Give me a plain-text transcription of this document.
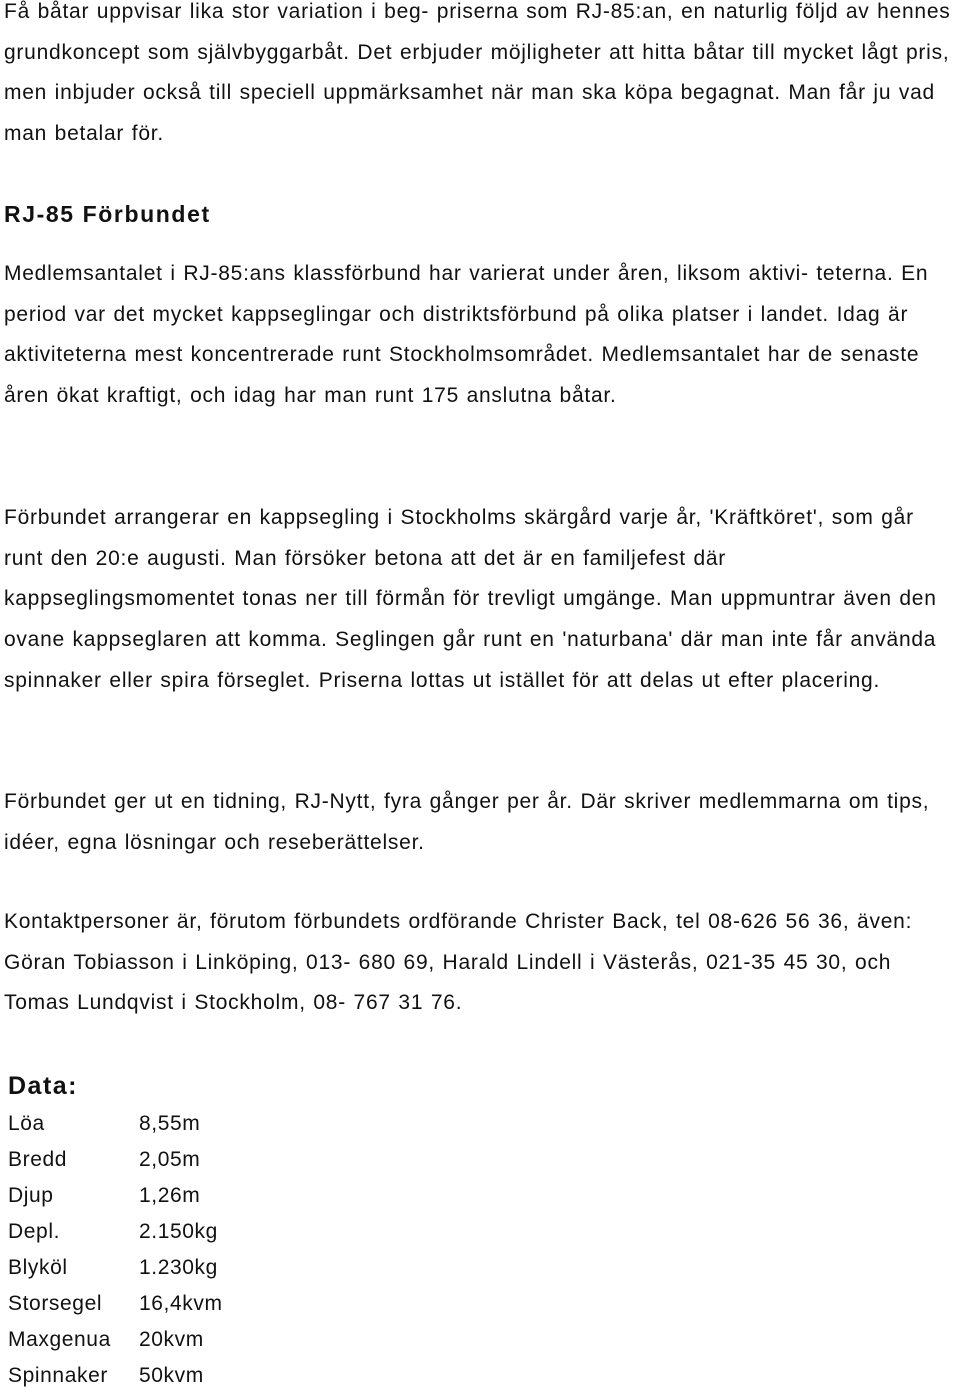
Få båtar uppvisar lika stor variation i beg- priserna som RJ-85:an, en naturlig följd av hennes grundkoncept som självbyggarbåt. Det erbjuder möjligheter att hitta båtar till mycket lågt pris, men inbjuder också till speciell uppmärksamhet när man ska köpa begagnat. Man får ju vad man betalar för.

RJ-85 Förbundet

Medlemsantalet i RJ-85:ans klassförbund har varierat under åren, liksom aktivi- teterna. En period var det mycket kappseglingar och distriktsförbund på olika platser i landet. Idag är aktiviteterna mest koncentrerade runt Stockholmsområdet. Medlemsantalet har de senaste åren ökat kraftigt, och idag har man runt 175 anslutna båtar.

Förbundet arrangerar en kappsegling i Stockholms skärgård varje år, 'Kräftköret', som går runt den 20:e augusti. Man försöker betona att det är en familjefest där kappseglingsmomentet tonas ner till förmån för trevligt umgänge. Man uppmuntrar även den ovane kappseglaren att komma. Seglingen går runt en 'naturbana' där man inte får använda spinnaker eller spira förseglet. Priserna lottas ut istället för att delas ut efter placering.

Förbundet ger ut en tidning, RJ-Nytt, fyra gånger per år. Där skriver medlemmarna om tips, idéer, egna lösningar och reseberättelser.

Kontaktpersoner är, förutom förbundets ordförande Christer Back, tel 08-626 56 36, även: Göran Tobiasson i Linköping, 013- 680 69, Harald Lindell i Västerås, 021-35 45 30, och Tomas Lundqvist i Stockholm, 08- 767 31 76.

Data:
Löa	8,55m
Bredd	2,05m
Djup	1,26m
Depl.	2.150kg
Blyköl	1.230kg
Storsegel	16,4kvm
Maxgenua	20kvm
Spinnaker	50kvm
